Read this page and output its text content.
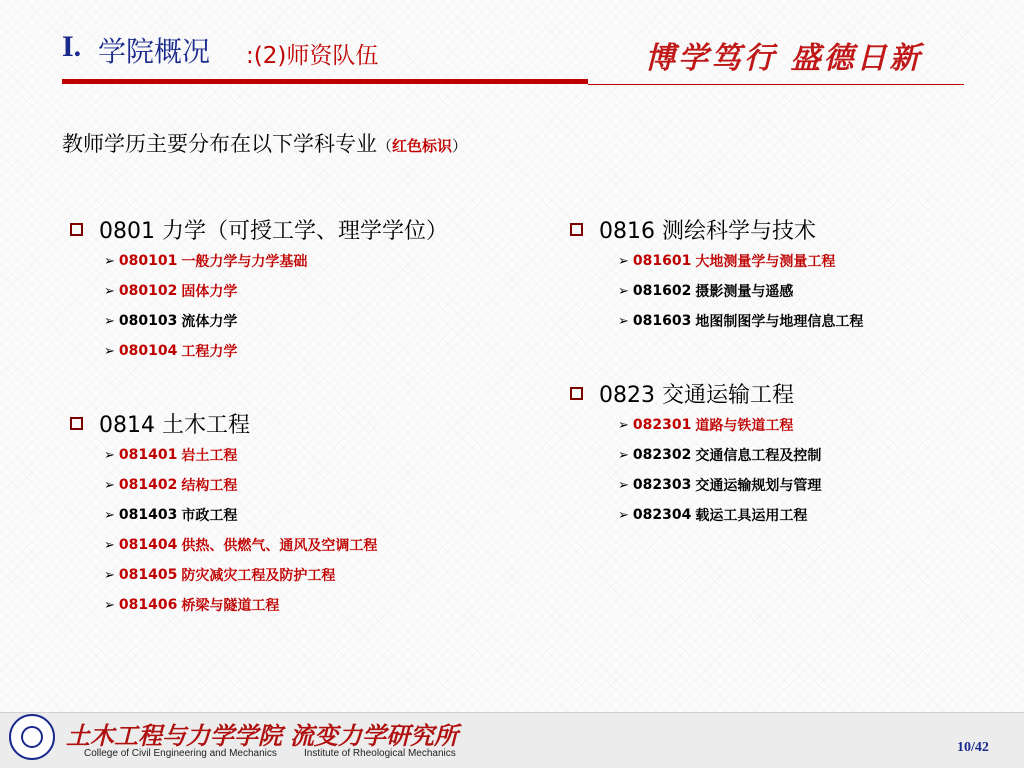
I. 学院概况 :(2)师资队伍	博学笃行 盛德日新
教师学历主要分布在以下学科专业（红色标识）
0801 力学（可授工学、理学学位）
➢ 080101 一般力学与力学基础
➢ 080102 固体力学
➢ 080103 流体力学
➢ 080104 工程力学
0814 土木工程
➢ 081401 岩土工程
➢ 081402 结构工程
➢ 081403 市政工程
➢ 081404 供热、供燃气、通风及空调工程
➢ 081405 防灾减灾工程及防护工程
➢ 081406 桥梁与隧道工程
0816 测绘科学与技术
➢ 081601 大地测量学与测量工程
➢ 081602 摄影测量与遥感
➢ 081603 地图制图学与地理信息工程
0823 交通运输工程
➢ 082301 道路与铁道工程
➢ 082302 交通信息工程及控制
➢ 082303 交通运输规划与管理
➢ 082304 载运工具运用工程
土木工程与力学学院
College of Civil Engineering and Mechanics
流变力学研究所
Institute of Rheological Mechanics	10/42
